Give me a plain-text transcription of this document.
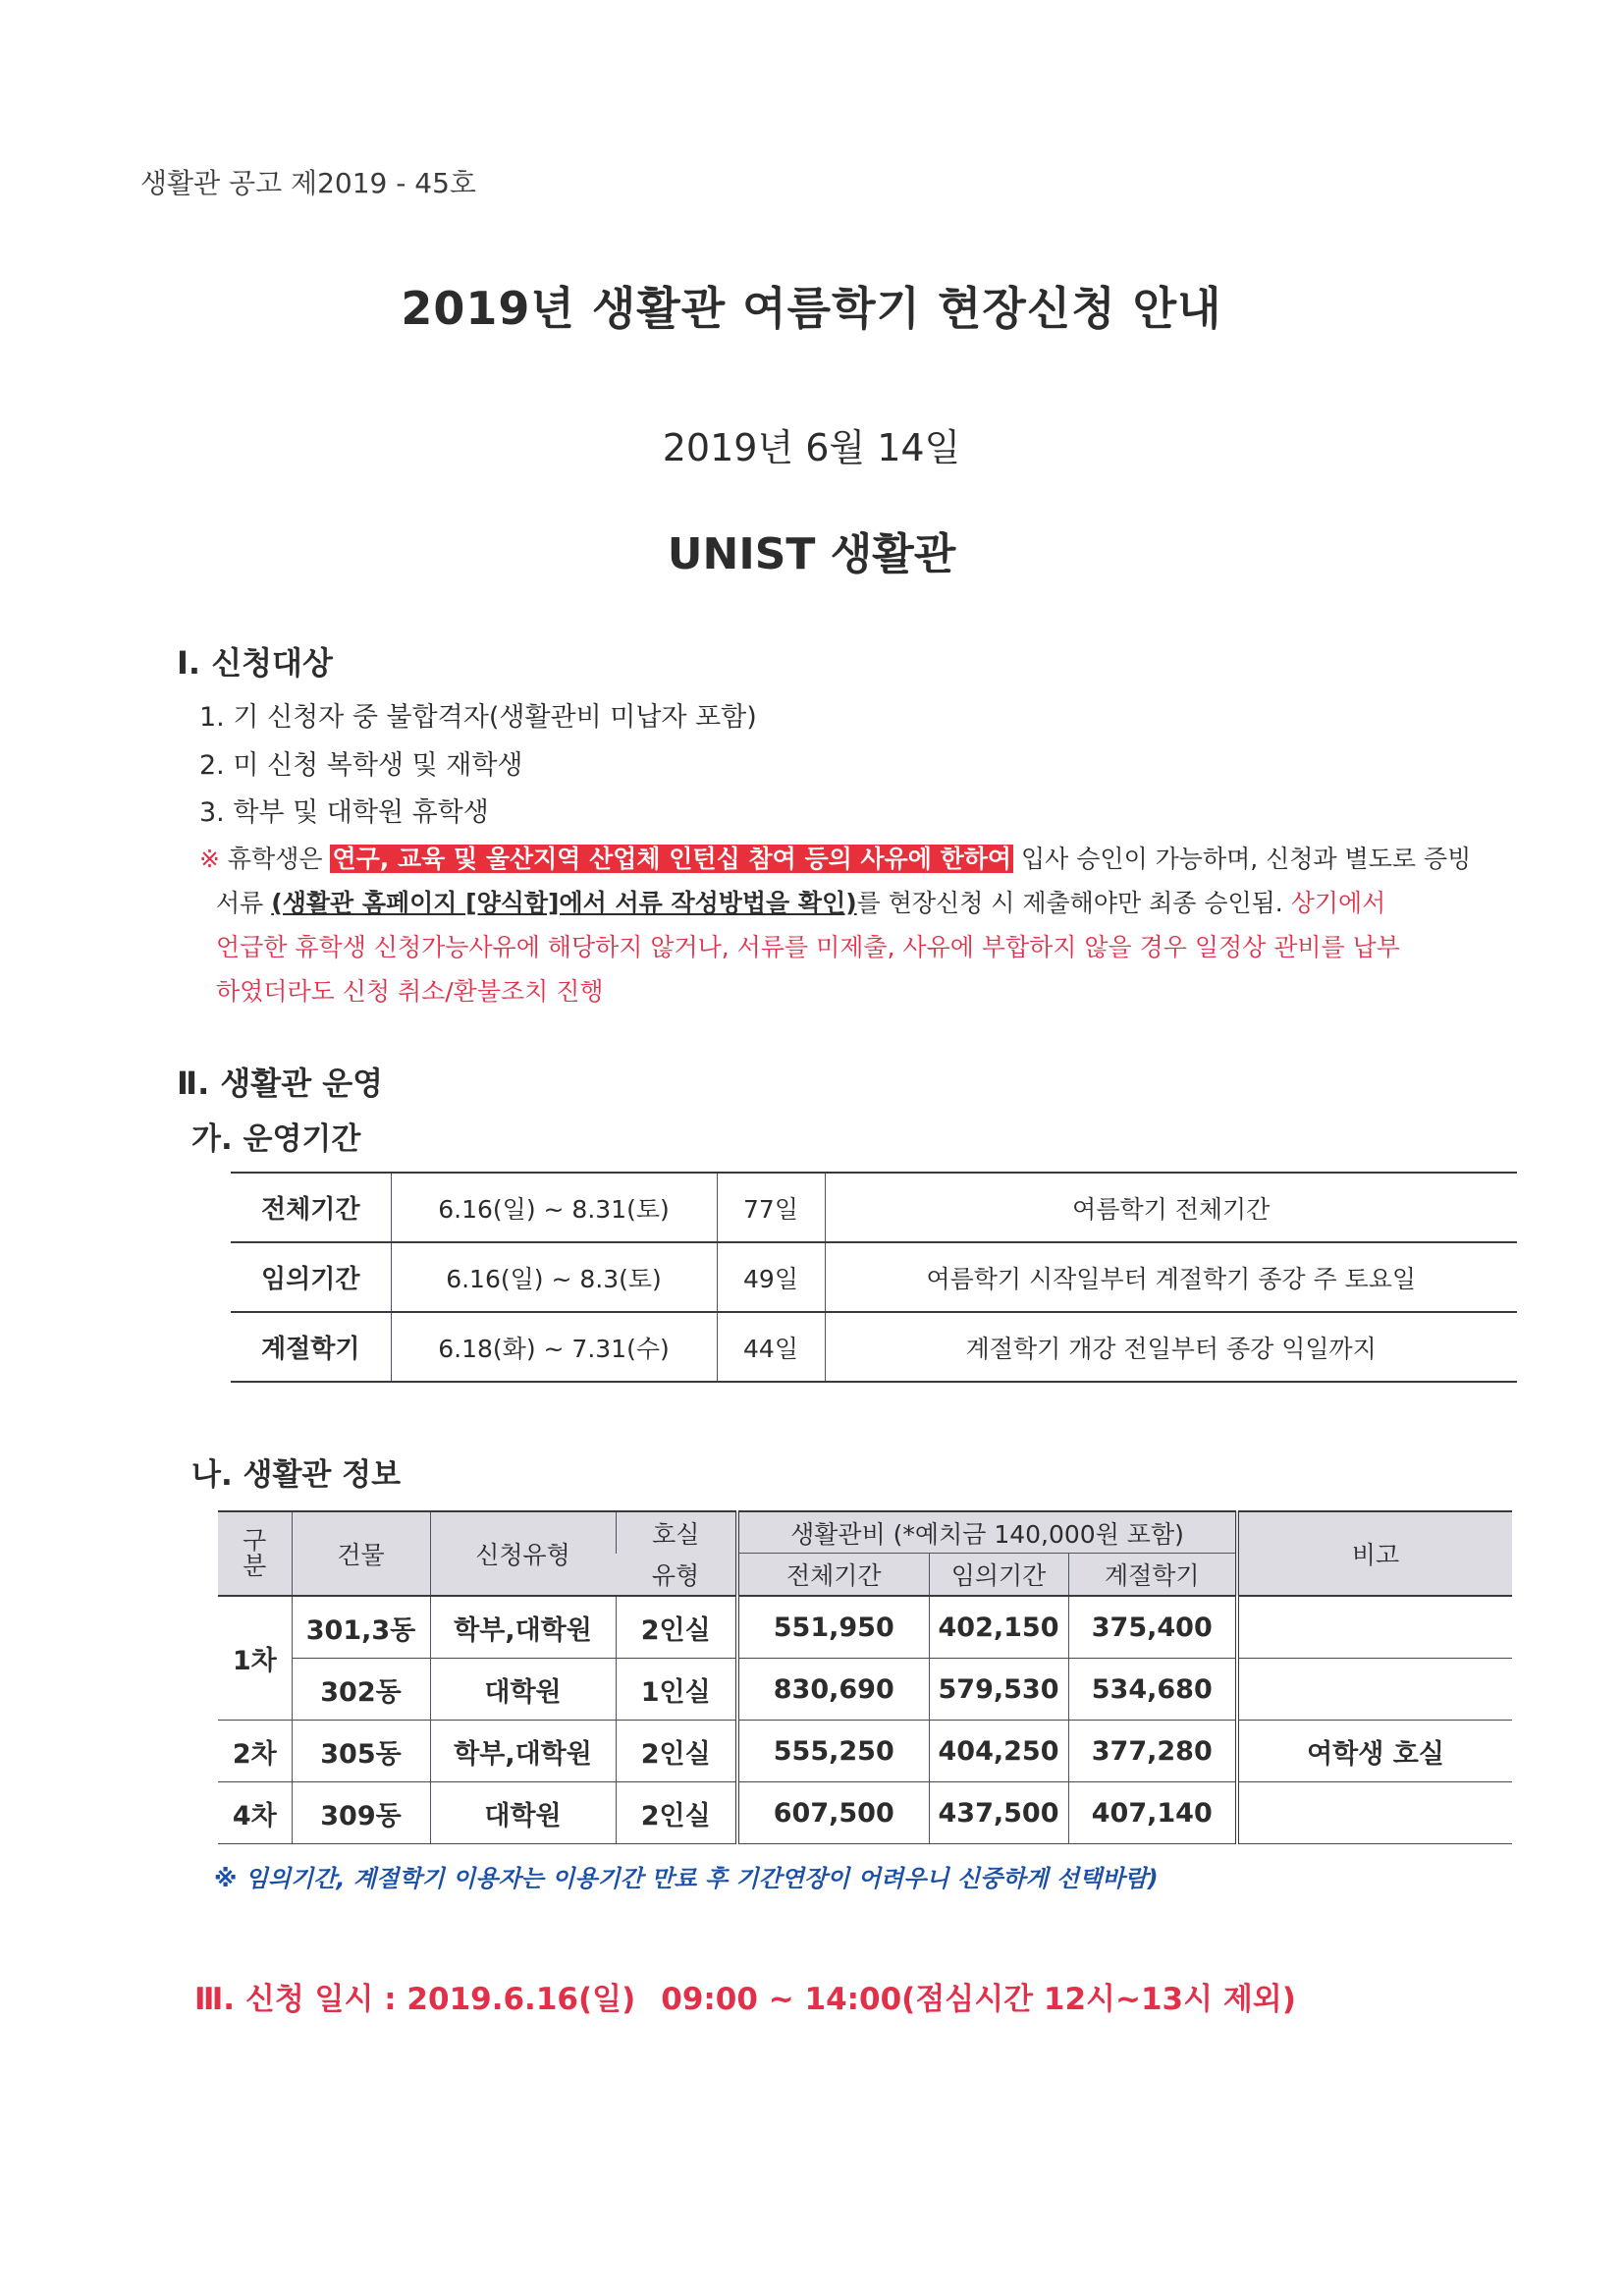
생활관 공고 제2019 - 45호
2019년 생활관 여름학기 현장신청 안내
2019년 6월 14일
UNIST 생활관
Ⅰ. 신청대상
1. 기 신청자 중 불합격자(생활관비 미납자 포함)
2. 미 신청 복학생 및 재학생
3. 학부 및 대학원 휴학생
※ 휴학생은 연구, 교육 및 울산지역 산업체 인턴십 참여 등의 사유에 한하여 입사 승인이 가능하며, 신청과 별도로 증빙
서류 (생활관 홈페이지 [양식함]에서 서류 작성방법을 확인)를 현장신청 시 제출해야만 최종 승인됨. 상기에서
언급한 휴학생 신청가능사유에 해당하지 않거나, 서류를 미제출, 사유에 부합하지 않을 경우 일정상 관비를 납부
하였더라도 신청 취소/환불조치 진행
Ⅱ. 생활관 운영
가. 운영기간
전체기간	6.16(일) ~ 8.31(토)	77일	여름학기 전체기간
임의기간	6.16(일) ~ 8.3(토)	49일	여름학기 시작일부터 계절학기 종강 주 토요일
계절학기	6.18(화) ~ 7.31(수)	44일	계절학기 개강 전일부터 종강 익일까지
나. 생활관 정보
구
분	건물	신청유형	호실	생활관비 (*예치금 140,000원 포함)			비고
			유형	전체기간	임의기간	계절학기	
1차	301,3동	학부,대학원	2인실	551,950	402,150	375,400	
	302동	대학원	1인실	830,690	579,530	534,680	
2차	305동	학부,대학원	2인실	555,250	404,250	377,280	여학생 호실
4차	309동	대학원	2인실	607,500	437,500	407,140	
※ 임의기간, 계절학기 이용자는 이용기간 만료 후 기간연장이 어려우니 신중하게 선택바람)
Ⅲ. 신청 일시 : 2019.6.16(일) 09:00 ~ 14:00(점심시간 12시~13시 제외)
